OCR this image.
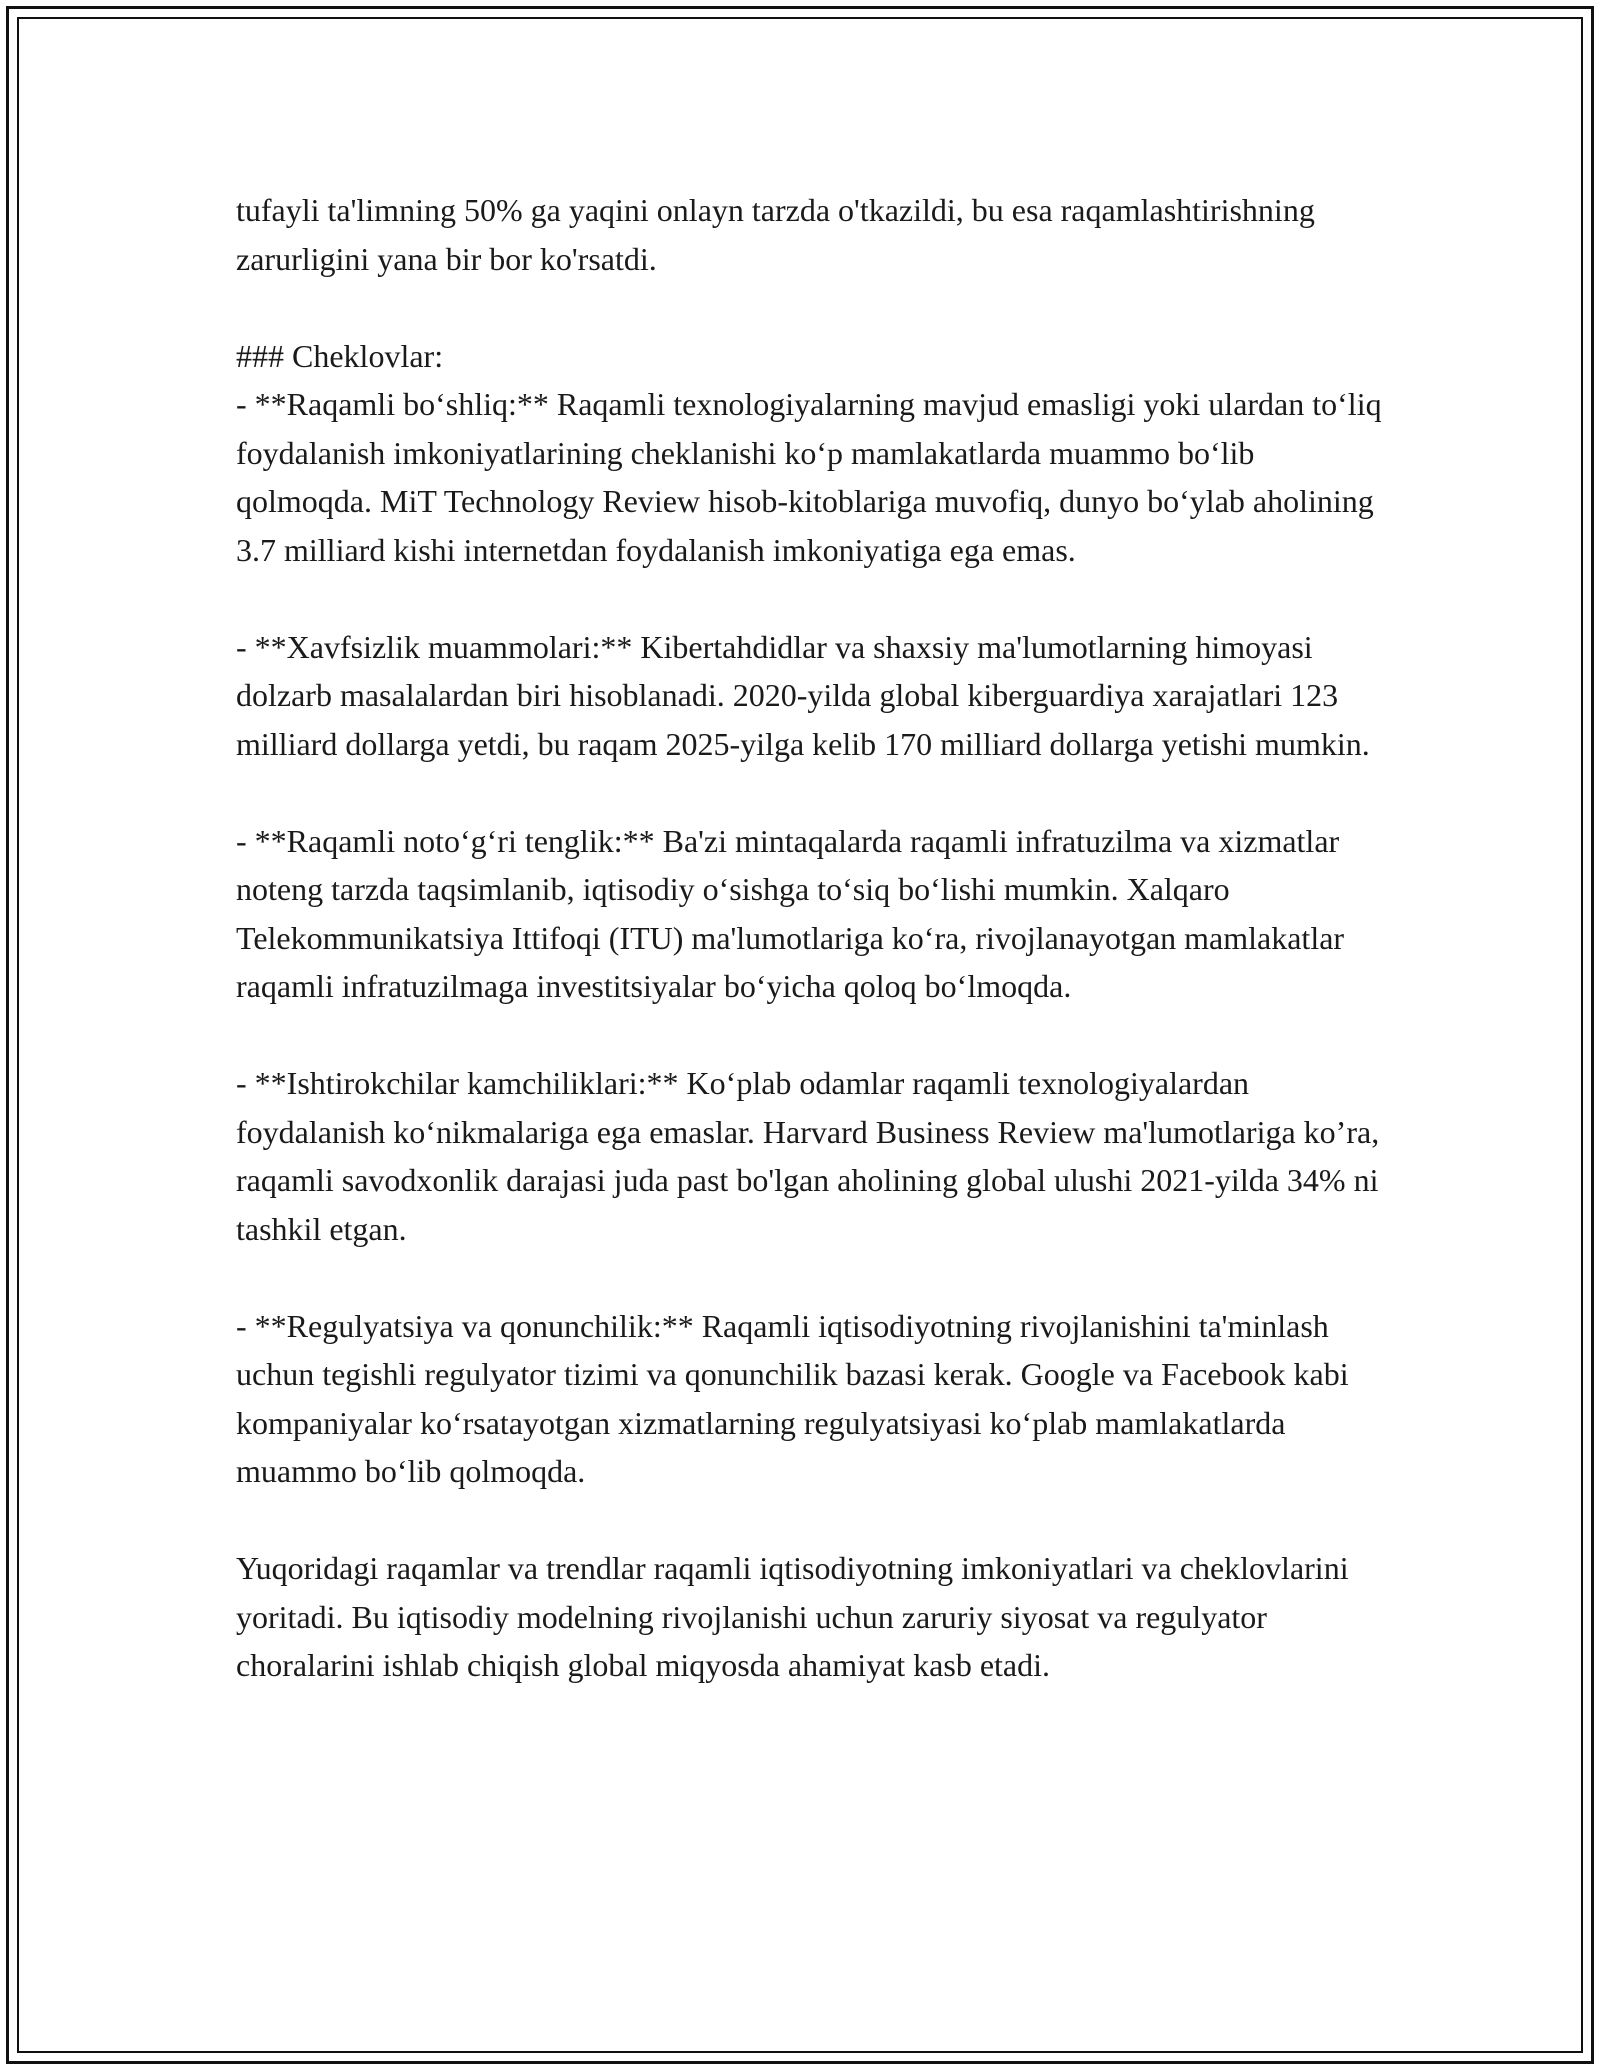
tufayli ta'limning 50% ga yaqini onlayn tarzda o'tkazildi, bu esa raqamlashtirishning zarurligini yana bir bor ko'rsatdi.

### Cheklovlar:

- **Raqamli boʻshliq:** Raqamli texnologiyalarning mavjud emasligi yoki ulardan toʻliq foydalanish imkoniyatlarining cheklanishi koʻp mamlakatlarda muammo boʻlib qolmoqda. MiT Technology Review hisob-kitoblariga muvofiq, dunyo boʻylab aholining 3.7 milliard kishi internetdan foydalanish imkoniyatiga ega emas.

- **Xavfsizlik muammolari:** Kibertahdidlar va shaxsiy ma'lumotlarning himoyasi dolzarb masalalardan biri hisoblanadi. 2020-yilda global kiberguardiya xarajatlari 123 milliard dollarga yetdi, bu raqam 2025-yilga kelib 170 milliard dollarga yetishi mumkin.

- **Raqamli notoʻgʻri tenglik:** Ba'zi mintaqalarda raqamli infratuzilma va xizmatlar noteng tarzda taqsimlanib, iqtisodiy oʻsishga toʻsiq boʻlishi mumkin. Xalqaro Telekommunikatsiya Ittifoqi (ITU) ma'lumotlariga koʻra, rivojlanayotgan mamlakatlar raqamli infratuzilmaga investitsiyalar boʻyicha qoloq boʻlmoqda.

- **Ishtirokchilar kamchiliklari:** Koʻplab odamlar raqamli texnologiyalardan foydalanish koʻnikmalariga ega emaslar. Harvard Business Review ma'lumotlariga koʼra, raqamli savodxonlik darajasi juda past bo'lgan aholining global ulushi 2021-yilda 34% ni tashkil etgan.

- **Regulyatsiya va qonunchilik:** Raqamli iqtisodiyotning rivojlanishini ta'minlash uchun tegishli regulyator tizimi va qonunchilik bazasi kerak. Google va Facebook kabi kompaniyalar koʻrsatayotgan xizmatlarning regulyatsiyasi koʻplab mamlakatlarda muammo boʻlib qolmoqda.

Yuqoridagi raqamlar va trendlar raqamli iqtisodiyotning imkoniyatlari va cheklovlarini yoritadi. Bu iqtisodiy modelning rivojlanishi uchun zaruriy siyosat va regulyator choralarini ishlab chiqish global miqyosda ahamiyat kasb etadi.
